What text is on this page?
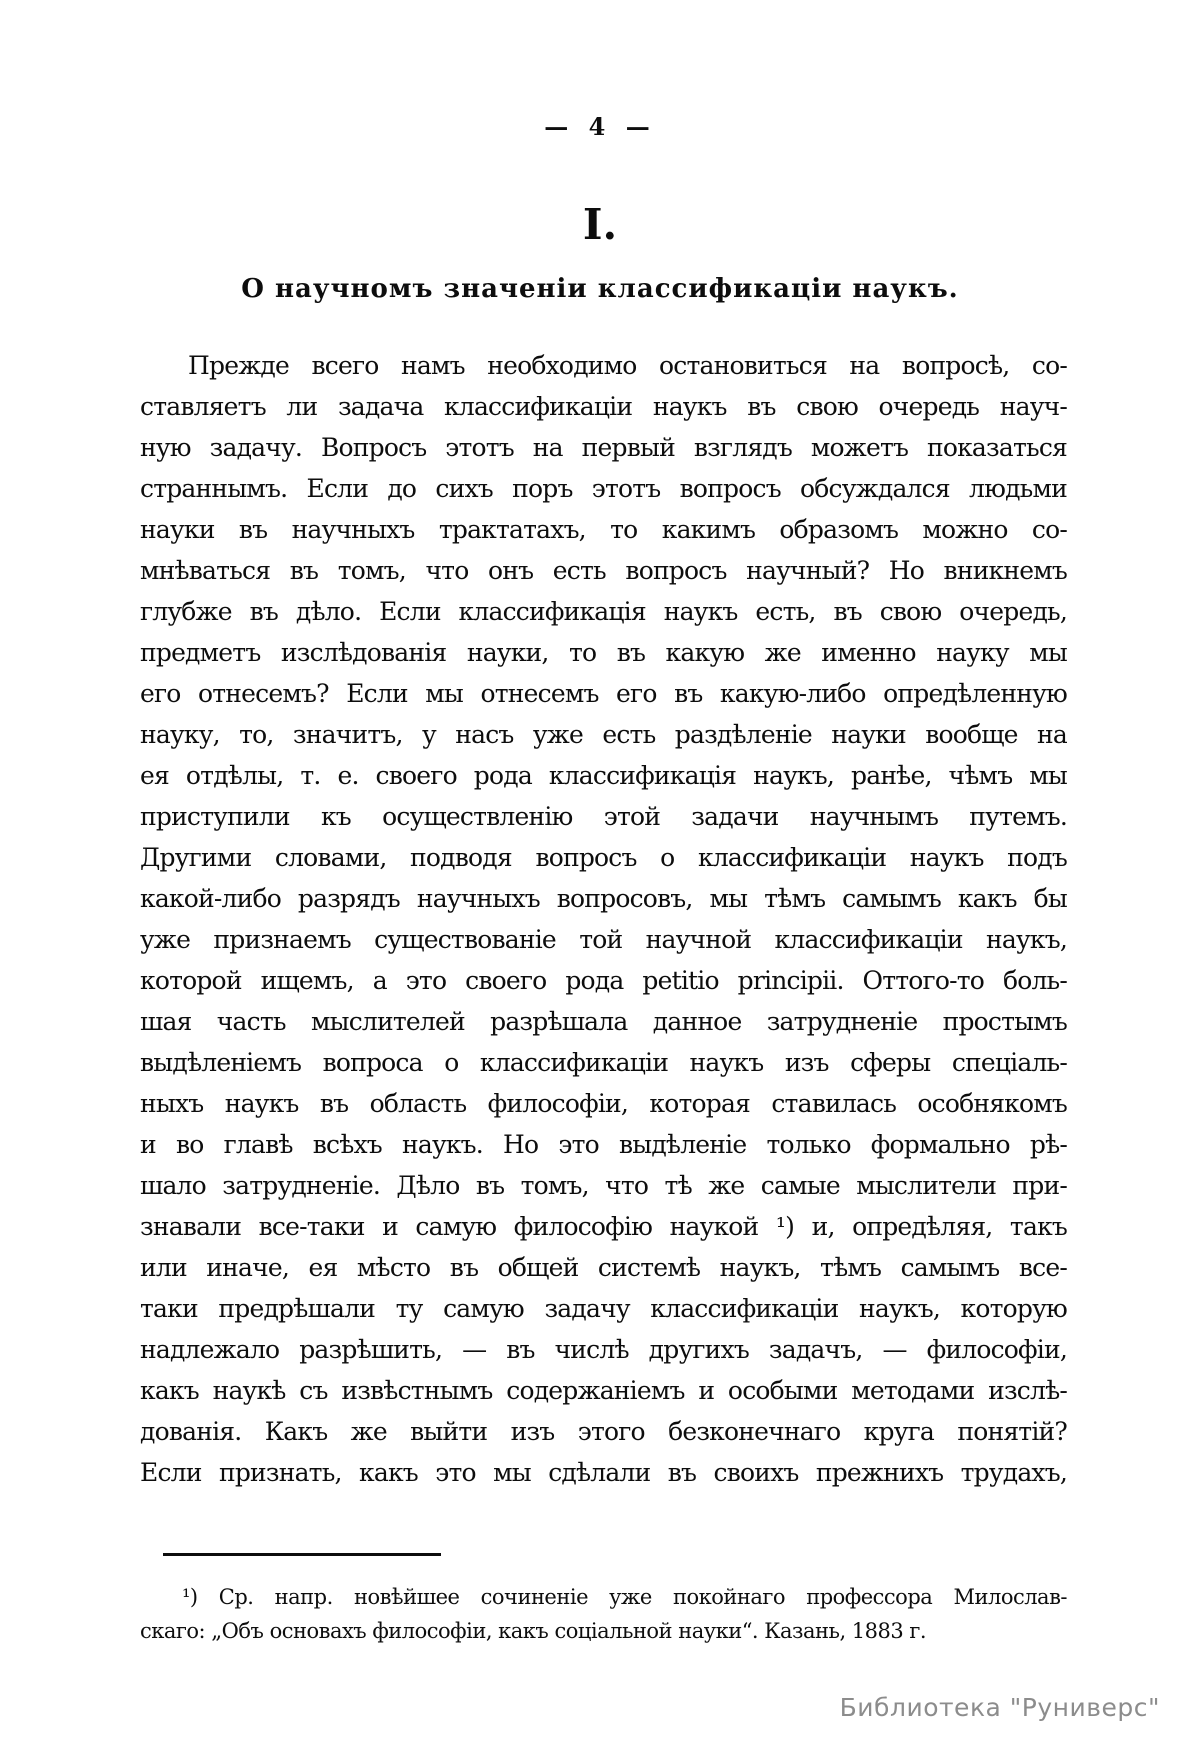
— 4 —
I.
О научномъ значеніи классификаціи наукъ.
Прежде всего намъ необходимо остановиться на вопросѣ, со-
ставляетъ ли задача классификаціи наукъ въ свою очередь науч-
ную задачу. Вопросъ этотъ на первый взглядъ можетъ показаться
страннымъ. Если до сихъ поръ этотъ вопросъ обсуждался людьми
науки въ научныхъ трактатахъ, то какимъ образомъ можно со-
мнѣваться въ томъ, что онъ есть вопросъ научный? Но вникнемъ
глубже въ дѣло. Если классификація наукъ есть, въ свою очередь,
предметъ изслѣдованія науки, то въ какую же именно науку мы
его отнесемъ? Если мы отнесемъ его въ какую-либо опредѣленную
науку, то, значитъ, у насъ уже есть раздѣленіе науки вообще на
ея отдѣлы, т. е. своего рода классификація наукъ, ранѣе, чѣмъ мы
приступили къ осуществленію этой задачи научнымъ путемъ.
Другими словами, подводя вопросъ о классификаціи наукъ подъ
какой-либо разрядъ научныхъ вопросовъ, мы тѣмъ самымъ какъ бы
уже признаемъ существованіе той научной классификаціи наукъ,
которой ищемъ, а это своего рода petitio principii. Оттого-то боль-
шая часть мыслителей разрѣшала данное затрудненіе простымъ
выдѣленіемъ вопроса о классификаціи наукъ изъ сферы спеціаль-
ныхъ наукъ въ область философіи, которая ставилась особнякомъ
и во главѣ всѣхъ наукъ. Но это выдѣленіе только формально рѣ-
шало затрудненіе. Дѣло въ томъ, что тѣ же самые мыслители при-
знавали все-таки и самую философію наукой ¹) и, опредѣляя, такъ
или иначе, ея мѣсто въ общей системѣ наукъ, тѣмъ самымъ все-
таки предрѣшали ту самую задачу классификаціи наукъ, которую
надлежало разрѣшить, — въ числѣ другихъ задачъ, — философіи,
какъ наукѣ съ извѣстнымъ содержаніемъ и особыми методами изслѣ-
дованія. Какъ же выйти изъ этого безконечнаго круга понятій?
Если признать, какъ это мы сдѣлали въ своихъ прежнихъ трудахъ,
¹) Ср. напр. новѣйшее сочиненіе уже покойнаго профессора Милослав-
скаго: „Объ основахъ философіи, какъ соціальной науки“. Казань, 1883 г.
Библиотека "Руниверс"
